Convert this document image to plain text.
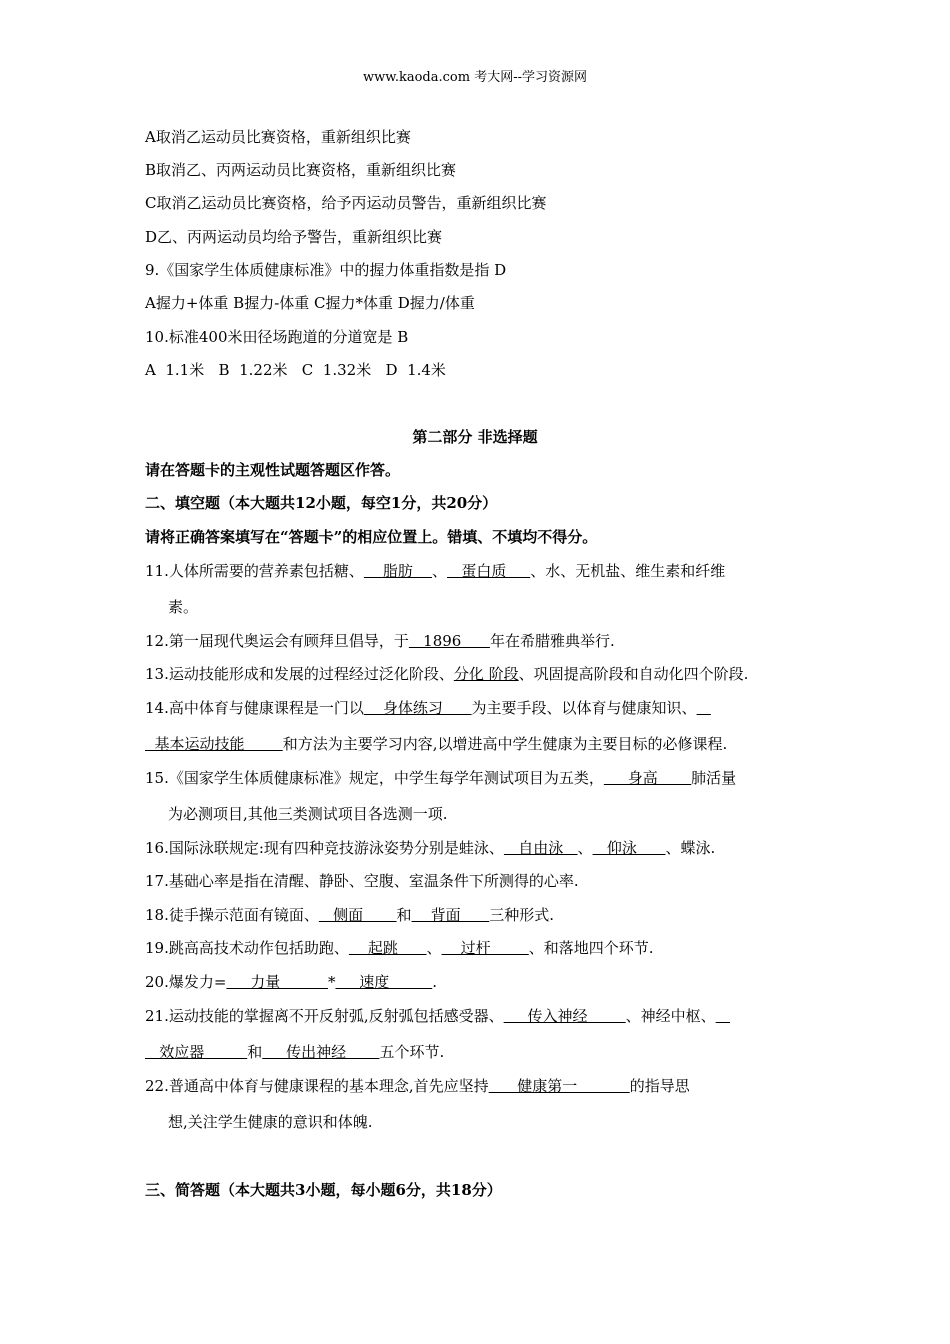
www.kaoda.com 考大网--学习资源网
A取消乙运动员比赛资格，重新组织比赛
B取消乙、丙两运动员比赛资格，重新组织比赛
C取消乙运动员比赛资格，给予丙运动员警告，重新组织比赛
D乙、丙两运动员均给予警告，重新组织比赛
9.《国家学生体质健康标准》中的握力体重指数是指 D
A握力+体重 B握力-体重 C握力*体重 D握力/体重
10.标准400米田径场跑道的分道宽是 B
A  1.1米   B  1.22米   C  1.32米   D  1.4米
第二部分 非选择题
请在答题卡的主观性试题答题区作答。
二、填空题（本大题共12小题，每空1分，共20分）
请将正确答案填写在“答题卡”的相应位置上。错填、不填均不得分。
11.人体所需要的营养素包括糖、    脂肪    、   蛋白质     、水、无机盐、维生素和纤维
素。
12.第一届现代奥运会有顾拜旦倡导，于   1896      年在希腊雅典举行.
13.运动技能形成和发展的过程经过泛化阶段、分化 阶段、巩固提高阶段和自动化四个阶段.
14.高中体育与健康课程是一门以    身体练习      为主要手段、以体育与健康知识、
基本运动技能        和方法为主要学习内容,以增进高中学生健康为主要目标的必修课程.
15.《国家学生体质健康标准》规定，中学生每学年测试项目为五类，     身高       肺活量
为必测项目,其他三类测试项目各选测一项.
16.国际泳联规定:现有四种竞技游泳姿势分别是蛙泳、   自由泳   、   仰泳      、蝶泳.
17.基础心率是指在清醒、静卧、空腹、室温条件下所测得的心率.
18.徒手操示范面有镜面、   侧面       和    背面      三种形式.
19.跳高高技术动作包括助跑、    起跳      、    过杆        、和落地四个环节.
20.爆发力=     力量          *     速度         .
21.运动技能的掌握离不开反射弧,反射弧包括感受器、     传入神经        、神经中枢、
效应器         和     传出神经       五个环节.
22.普通高中体育与健康课程的基本理念,首先应坚持      健康第一           的指导思
想,关注学生健康的意识和体魄.
三、简答题（本大题共3小题，每小题6分，共18分）
